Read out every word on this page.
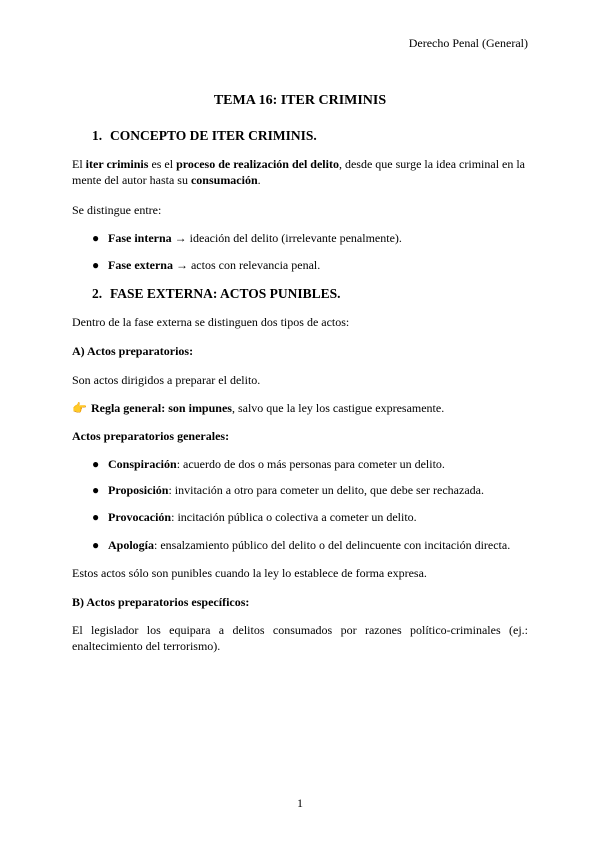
Derecho Penal (General)
TEMA 16: ITER CRIMINIS
1. CONCEPTO DE ITER CRIMINIS.
El iter criminis es el proceso de realización del delito, desde que surge la idea criminal en la mente del autor hasta su consumación.
Se distingue entre:
● Fase interna → ideación del delito (irrelevante penalmente).
● Fase externa → actos con relevancia penal.
2. FASE EXTERNA: ACTOS PUNIBLES.
Dentro de la fase externa se distinguen dos tipos de actos:
A) Actos preparatorios:
Son actos dirigidos a preparar el delito.
👉 Regla general: son impunes, salvo que la ley los castigue expresamente.
Actos preparatorios generales:
● Conspiración: acuerdo de dos o más personas para cometer un delito.
● Proposición: invitación a otro para cometer un delito, que debe ser rechazada.
● Provocación: incitación pública o colectiva a cometer un delito.
● Apología: ensalzamiento público del delito o del delincuente con incitación directa.
Estos actos sólo son punibles cuando la ley lo establece de forma expresa.
B) Actos preparatorios específicos:
El legislador los equipara a delitos consumados por razones político-criminales (ej.: enaltecimiento del terrorismo).
1
